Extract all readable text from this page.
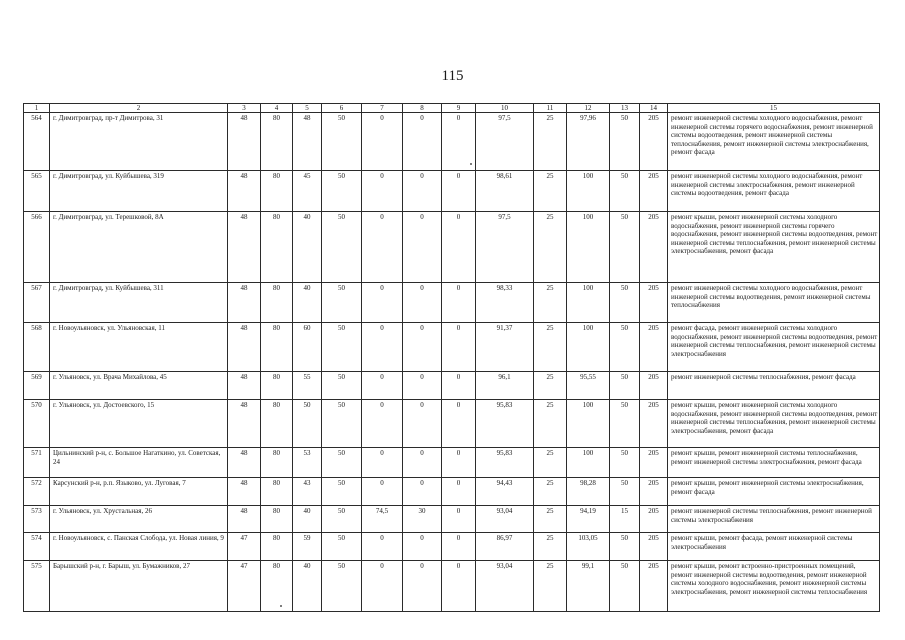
115
1	2	3	4	5	6	7	8	9	10	11	12	13	14	15
564	г. Димитровград, пр-т Димитрова, 31	48	80	48	50	0	0	0	97,5	25	97,96	50	205	ремонт инженерной системы холодного водоснабжения, ремонт инженерной системы горячего водоснабжения, ремонт инженерной системы водоотведения, ремонт инженерной системы теплоснабжения, ремонт инженерной системы электроснабжения, ремонт фасада
565	г. Димитровград, ул. Куйбышева, 319	48	80	45	50	0	0	0	98,61	25	100	50	205	ремонт инженерной системы холодного водоснабжения, ремонт инженерной системы электроснабжения, ремонт инженерной системы водоотведения, ремонт фасада
566	г. Димитровград, ул. Терешковой, 8А	48	80	40	50	0	0	0	97,5	25	100	50	205	ремонт крыши, ремонт инженерной системы холодного водоснабжения, ремонт инженерной системы горячего водоснабжения, ремонт инженерной системы водоотведения, ремонт инженерной системы теплоснабжения, ремонт инженерной системы электроснабжения, ремонт фасада
567	г. Димитровград, ул. Куйбышева, 311	48	80	40	50	0	0	0	98,33	25	100	50	205	ремонт инженерной системы холодного водоснабжения, ремонт инженерной системы водоотведения, ремонт инженерной системы теплоснабжения
568	г. Новоульяновск, ул. Ульяновская, 11	48	80	60	50	0	0	0	91,37	25	100	50	205	ремонт фасада, ремонт инженерной системы холодного водоснабжения, ремонт инженерной системы водоотведения, ремонт инженерной системы теплоснабжения, ремонт инженерной системы электроснабжения
569	г. Ульяновск, ул. Врача Михайлова, 45	48	80	55	50	0	0	0	96,1	25	95,55	50	205	ремонт инженерной системы теплоснабжения, ремонт фасада
570	г. Ульяновск, ул. Достоевского, 15	48	80	50	50	0	0	0	95,83	25	100	50	205	ремонт крыши, ремонт инженерной системы холодного водоснабжения, ремонт инженерной системы водоотведения, ремонт инженерной системы теплоснабжения, ремонт инженерной системы электроснабжения, ремонт фасада
571	Цильнинский р-н, с. Большое Нагаткино, ул. Советская, 24	48	80	53	50	0	0	0	95,83	25	100	50	205	ремонт крыши, ремонт инженерной системы теплоснабжения, ремонт инженерной системы электроснабжения, ремонт фасада
572	Карсунский р-н, р.п. Языково, ул. Луговая, 7	48	80	43	50	0	0	0	94,43	25	98,28	50	205	ремонт крыши, ремонт инженерной системы электроснабжения, ремонт фасада
573	г. Ульяновск, ул. Хрустальная, 26	48	80	40	50	74,5	30	0	93,04	25	94,19	15	205	ремонт инженерной системы теплоснабжения, ремонт инженерной системы электроснабжения
574	г. Новоульяновск, с. Панская Слобода, ул. Новая линия, 9	47	80	59	50	0	0	0	86,97	25	103,05	50	205	ремонт крыши, ремонт фасада, ремонт инженерной системы электроснабжения
575	Барышский р-н, г. Барыш, ул. Бумажников, 27	47	80	40	50	0	0	0	93,04	25	99,1	50	205	ремонт крыши, ремонт встроенно-пристроенных помещений, ремонт инженерной системы водоотведения, ремонт инженерной системы холодного водоснабжения, ремонт инженерной системы электроснабжения, ремонт инженерной системы теплоснабжения
